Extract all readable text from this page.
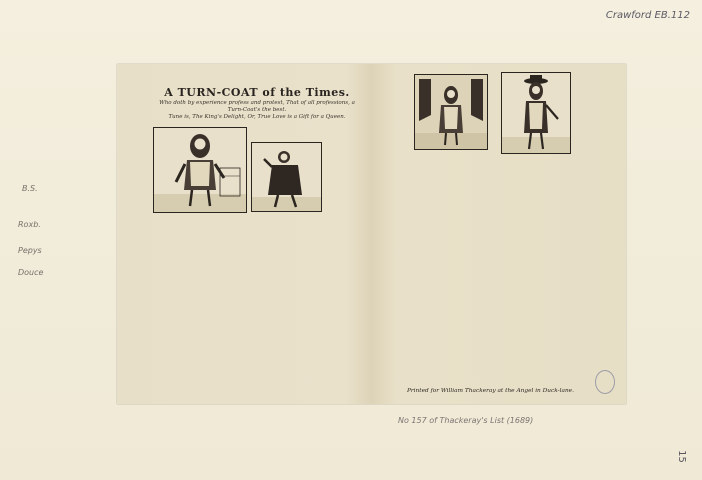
Crawford EB.112
B.S.
Roxb.
Pepys
Douce
A TURN-COAT of the Times.
Who doth by experience profess and protest, That of all professions, a Turn-Coat's the best.
Tune is, The King's Delight, Or, True Love is a Gift for a Queen.
Printed for William Thackeray at the Angel in Duck-lane.
No 157 of Thackeray's List (1689)
15
